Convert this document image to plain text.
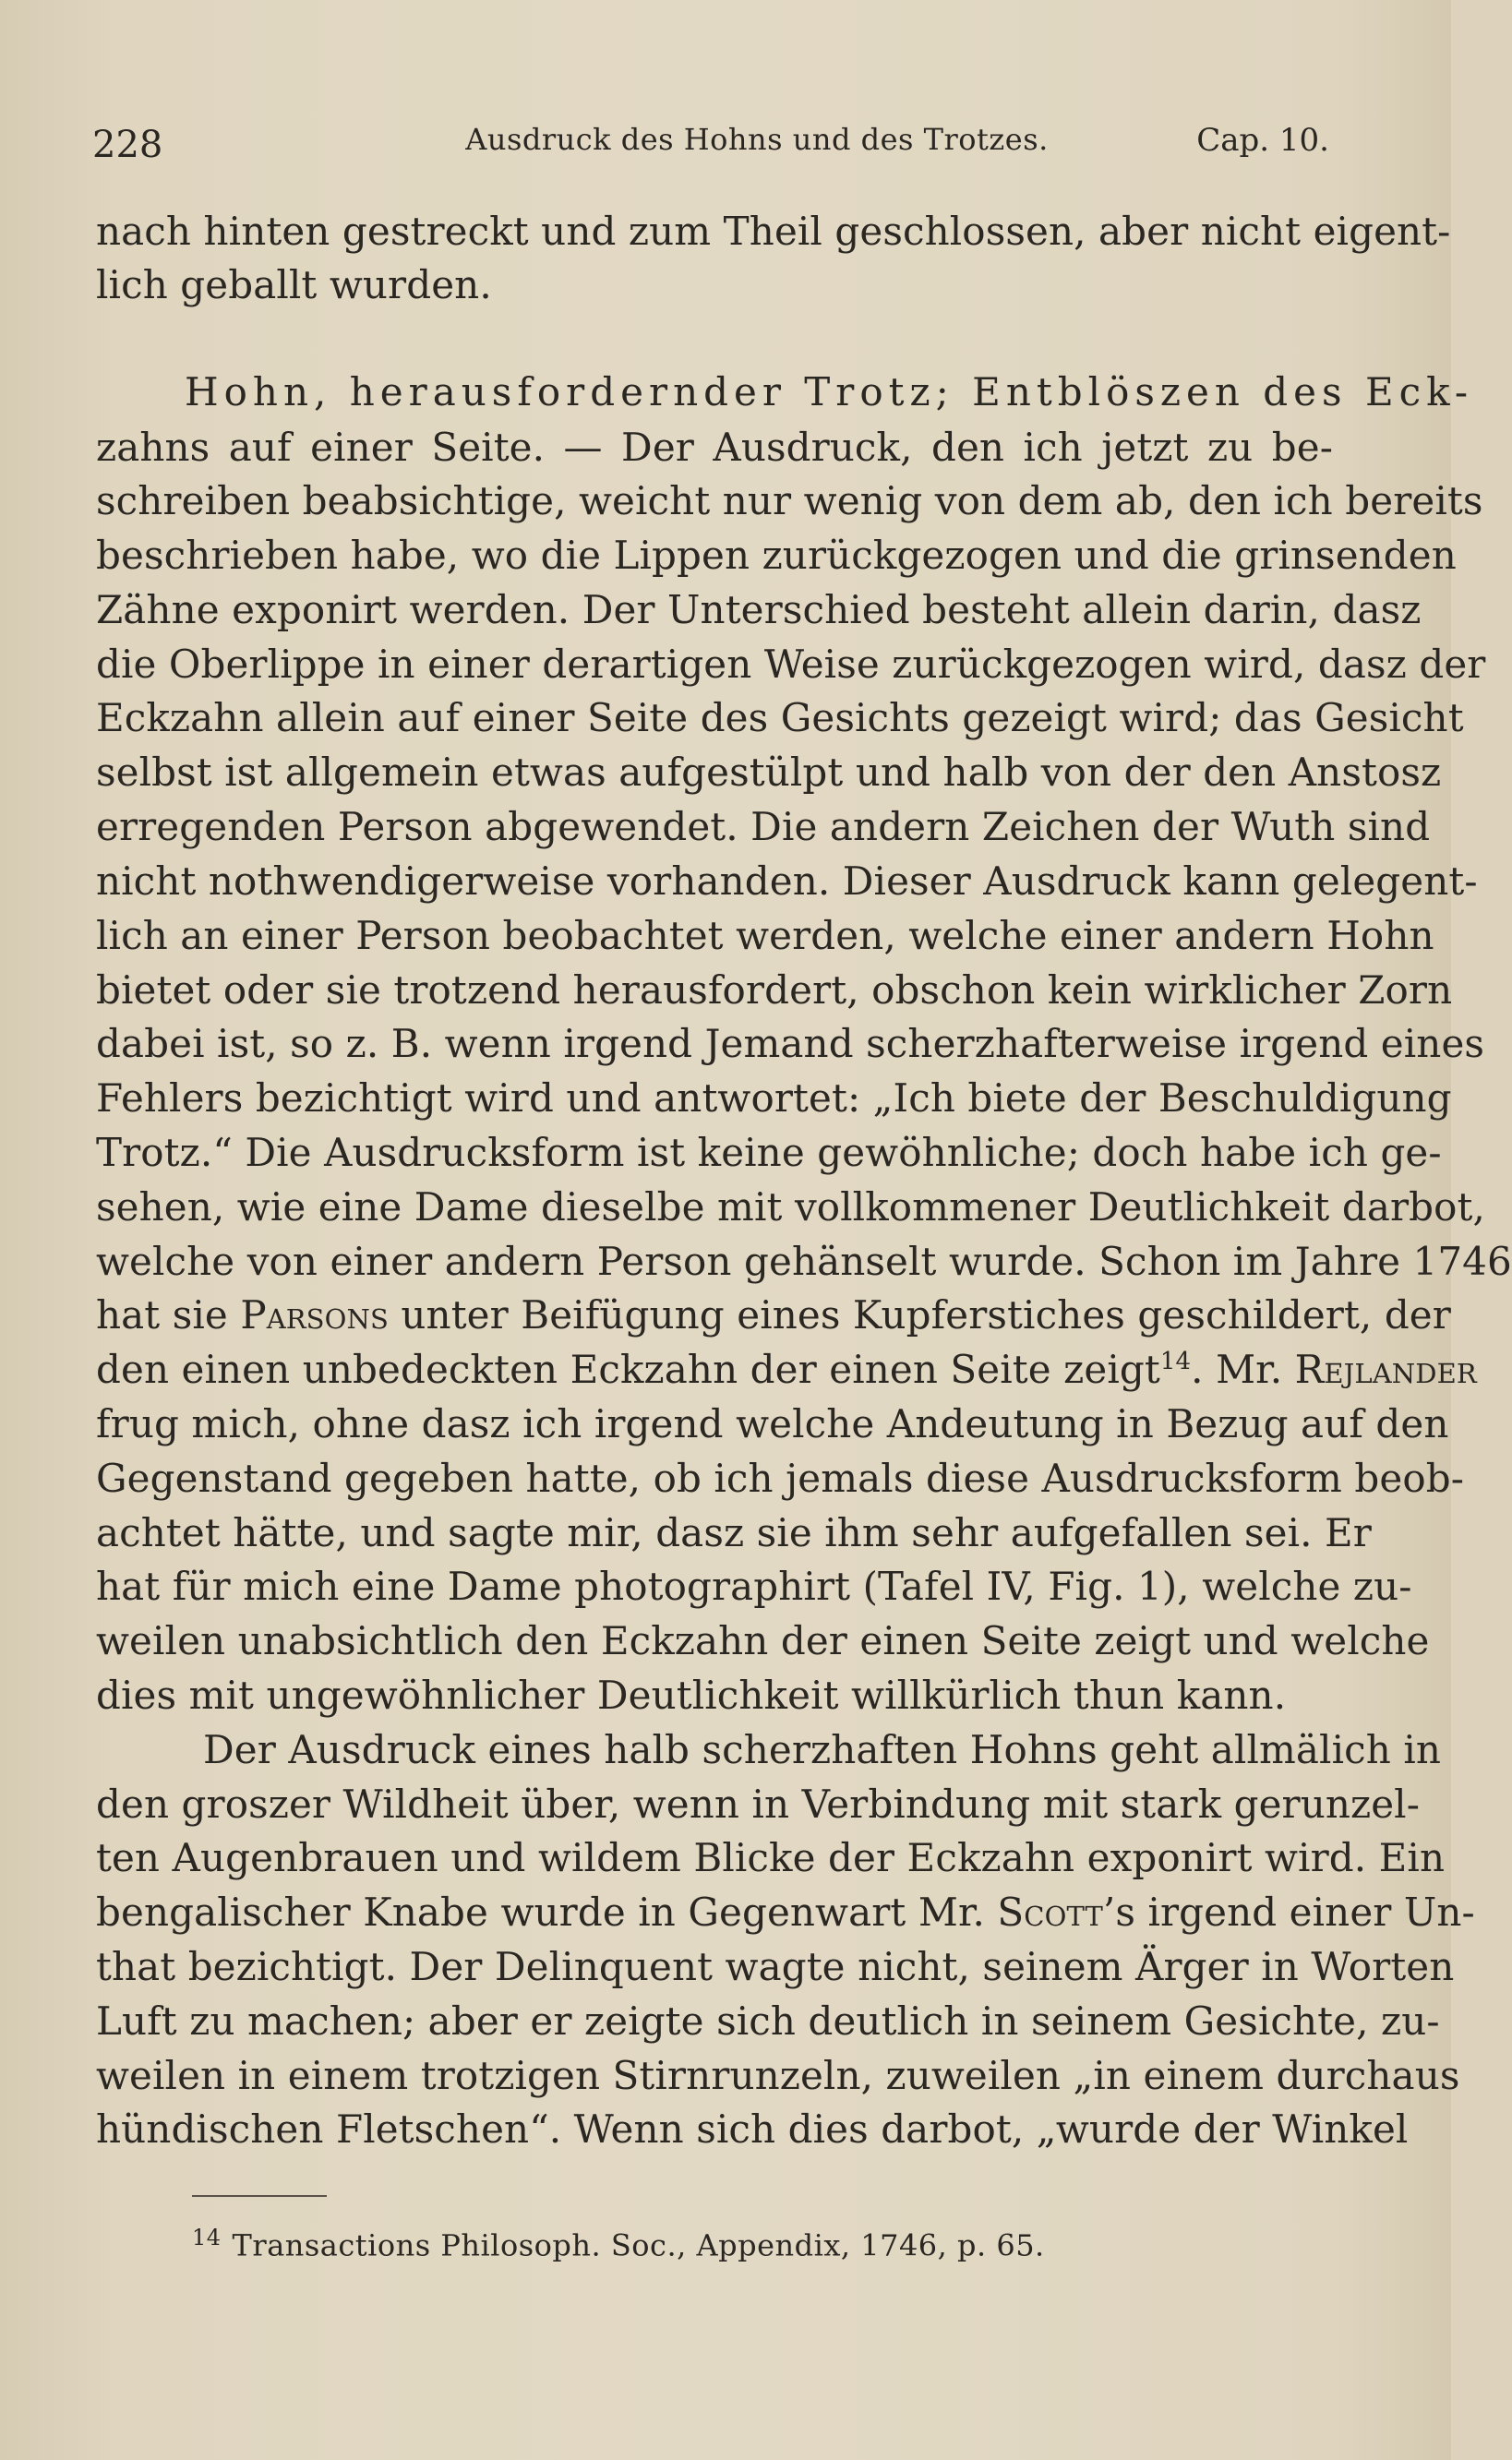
228	Ausdruck des Hohns und des Trotzes.	Cap. 10.
nach hinten gestreckt und zum Theil geschlossen, aber nicht eigent-
lich geballt wurden.
Hohn, herausfordernder Trotz; Entblöszen des Eck-
zahns auf einer Seite. — Der Ausdruck, den ich jetzt zu be-
schreiben beabsichtige, weicht nur wenig von dem ab, den ich bereits
beschrieben habe, wo die Lippen zurückgezogen und die grinsenden
Zähne exponirt werden. Der Unterschied besteht allein darin, dasz
die Oberlippe in einer derartigen Weise zurückgezogen wird, dasz der
Eckzahn allein auf einer Seite des Gesichts gezeigt wird; das Gesicht
selbst ist allgemein etwas aufgestülpt und halb von der den Anstosz
erregenden Person abgewendet. Die andern Zeichen der Wuth sind
nicht nothwendigerweise vorhanden. Dieser Ausdruck kann gelegent-
lich an einer Person beobachtet werden, welche einer andern Hohn
bietet oder sie trotzend herausfordert, obschon kein wirklicher Zorn
dabei ist, so z. B. wenn irgend Jemand scherzhafterweise irgend eines
Fehlers bezichtigt wird und antwortet: „Ich biete der Beschuldigung
Trotz.“ Die Ausdrucksform ist keine gewöhnliche; doch habe ich ge-
sehen, wie eine Dame dieselbe mit vollkommener Deutlichkeit darbot,
welche von einer andern Person gehänselt wurde. Schon im Jahre 1746
hat sie Parsons unter Beifügung eines Kupferstiches geschildert, der
den einen unbedeckten Eckzahn der einen Seite zeigt$^{14}$. Mr. Rejlander
frug mich, ohne dasz ich irgend welche Andeutung in Bezug auf den
Gegenstand gegeben hatte, ob ich jemals diese Ausdrucksform beob-
achtet hätte, und sagte mir, dasz sie ihm sehr aufgefallen sei. Er
hat für mich eine Dame photographirt (Tafel IV, Fig. 1), welche zu-
weilen unabsichtlich den Eckzahn der einen Seite zeigt und welche
dies mit ungewöhnlicher Deutlichkeit willkürlich thun kann.
Der Ausdruck eines halb scherzhaften Hohns geht allmälich in
den groszer Wildheit über, wenn in Verbindung mit stark gerunzel-
ten Augenbrauen und wildem Blicke der Eckzahn exponirt wird. Ein
bengalischer Knabe wurde in Gegenwart Mr. Scott’s irgend einer Un-
that bezichtigt. Der Delinquent wagte nicht, seinem Ärger in Worten
Luft zu machen; aber er zeigte sich deutlich in seinem Gesichte, zu-
weilen in einem trotzigen Stirnrunzeln, zuweilen „in einem durchaus
hündischen Fletschen“. Wenn sich dies darbot, „wurde der Winkel
$^{14}$ Transactions Philosoph. Soc., Appendix, 1746, p. 65.
